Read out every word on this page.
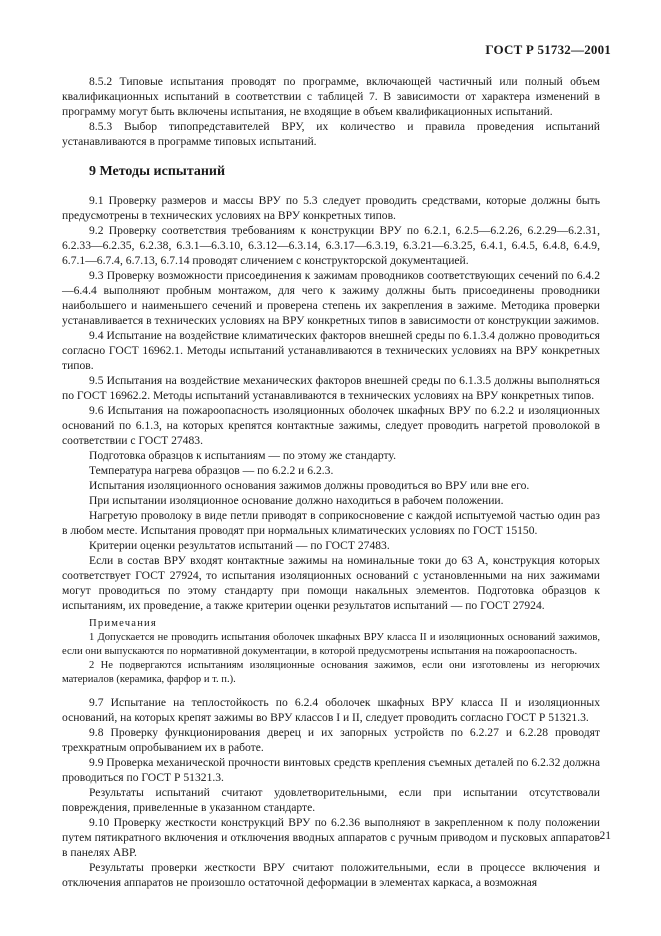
ГОСТ Р 51732—2001

8.5.2 Типовые испытания проводят по программе, включающей частичный или полный объем квалификационных испытаний в соответствии с таблицей 7. В зависимости от характера изменений в программу могут быть включены испытания, не входящие в объем квалификационных испытаний.

8.5.3 Выбор типопредставителей ВРУ, их количество и правила проведения испытаний устанавливаются в программе типовых испытаний.

9 Методы испытаний

9.1 Проверку размеров и массы ВРУ по 5.3 следует проводить средствами, которые должны быть предусмотрены в технических условиях на ВРУ конкретных типов.

9.2 Проверку соответствия требованиям к конструкции ВРУ по 6.2.1, 6.2.5—6.2.26, 6.2.29—6.2.31, 6.2.33—6.2.35, 6.2.38, 6.3.1—6.3.10, 6.3.12—6.3.14, 6.3.17—6.3.19, 6.3.21—6.3.25, 6.4.1, 6.4.5, 6.4.8, 6.4.9, 6.7.1—6.7.4, 6.7.13, 6.7.14 проводят сличением с конструкторской документацией.

9.3 Проверку возможности присоединения к зажимам проводников соответствующих сечений по 6.4.2—6.4.4 выполняют пробным монтажом, для чего к зажиму должны быть присоединены проводники наибольшего и наименьшего сечений и проверена степень их закрепления в зажиме. Методика проверки устанавливается в технических условиях на ВРУ конкретных типов в зависимости от конструкции зажимов.

9.4 Испытание на воздействие климатических факторов внешней среды по 6.1.3.4 должно проводиться согласно ГОСТ 16962.1. Методы испытаний устанавливаются в технических условиях на ВРУ конкретных типов.

9.5 Испытания на воздействие механических факторов внешней среды по 6.1.3.5 должны выполняться по ГОСТ 16962.2. Методы испытаний устанавливаются в технических условиях на ВРУ конкретных типов.

9.6 Испытания на пожароопасность изоляционных оболочек шкафных ВРУ по 6.2.2 и изоляционных оснований по 6.1.3, на которых крепятся контактные зажимы, следует проводить нагретой проволокой в соответствии с ГОСТ 27483.

Подготовка образцов к испытаниям — по этому же стандарту.

Температура нагрева образцов — по 6.2.2 и 6.2.3.

Испытания изоляционного основания зажимов должны проводиться во ВРУ или вне его.

При испытании изоляционное основание должно находиться в рабочем положении.

Нагретую проволоку в виде петли приводят в соприкосновение с каждой испытуемой частью один раз в любом месте. Испытания проводят при нормальных климатических условиях по ГОСТ 15150.

Критерии оценки результатов испытаний — по ГОСТ 27483.

Если в состав ВРУ входят контактные зажимы на номинальные токи до 63 А, конструкция которых соответствует ГОСТ 27924, то испытания изоляционных оснований с установленными на них зажимами могут проводиться по этому стандарту при помощи накальных элементов. Подготовка образцов к испытаниям, их проведение, а также критерии оценки результатов испытаний — по ГОСТ 27924.

Примечания

1 Допускается не проводить испытания оболочек шкафных ВРУ класса II и изоляционных оснований зажимов, если они выпускаются по нормативной документации, в которой предусмотрены испытания на пожароопасность.

2 Не подвергаются испытаниям изоляционные основания зажимов, если они изготовлены из негорючих материалов (керамика, фарфор и т. п.).

9.7 Испытание на теплостойкость по 6.2.4 оболочек шкафных ВРУ класса II и изоляционных оснований, на которых крепят зажимы во ВРУ классов I и II, следует проводить согласно ГОСТ Р 51321.3.

9.8 Проверку функционирования дверец и их запорных устройств по 6.2.27 и 6.2.28 проводят трехкратным опробыванием их в работе.

9.9 Проверка механической прочности винтовых средств крепления съемных деталей по 6.2.32 должна проводиться по ГОСТ Р 51321.3.

Результаты испытаний считают удовлетворительными, если при испытании отсутствовали повреждения, привеленные в указанном стандарте.

9.10 Проверку жесткости конструкций ВРУ по 6.2.36 выполняют в закрепленном к полу положении путем пятикратного включения и отключения вводных аппаратов с ручным приводом и пусковых аппаратов в панелях АВР.

Результаты проверки жесткости ВРУ считают положительными, если в процессе включения и отключения аппаратов не произошло остаточной деформации в элементах каркаса, а возможная

21
